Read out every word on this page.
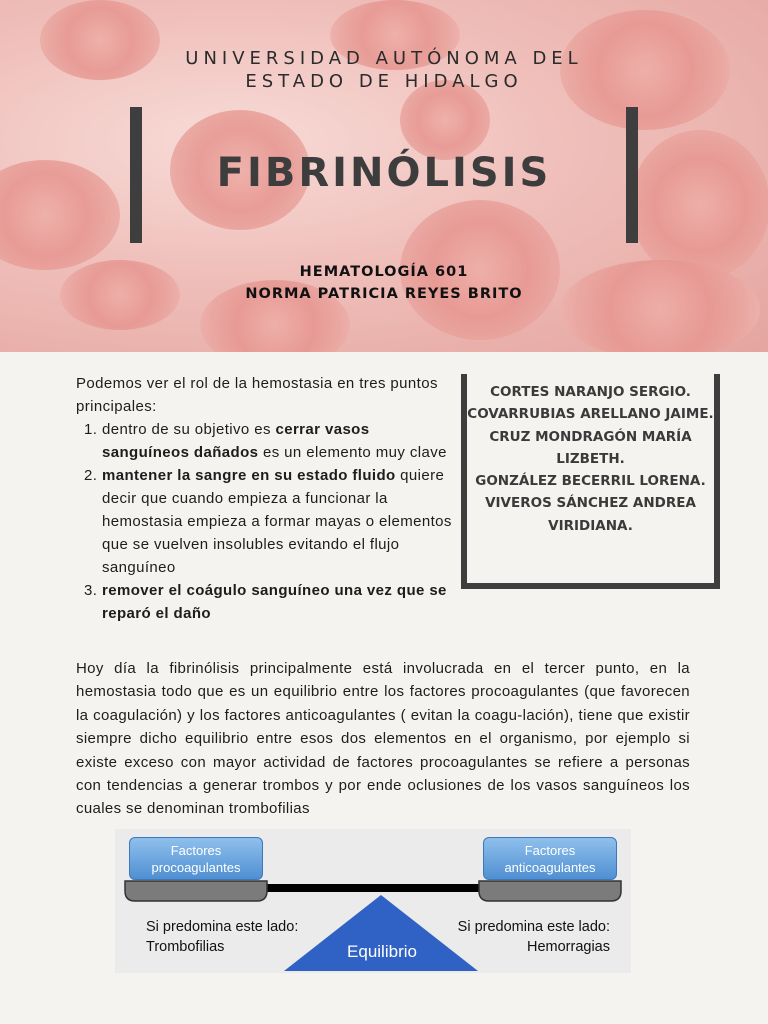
UNIVERSIDAD AUTÓNOMA DEL
ESTADO DE HIDALGO
FIBRINÓLISIS
HEMATOLOGÍA 601
NORMA PATRICIA REYES BRITO

Podemos ver el rol de la hemostasia en tres puntos principales:

1. dentro de su objetivo es cerrar vasos sanguíneos dañados es un elemento muy clave
2. mantener la sangre en su estado fluido quiere decir que cuando empieza a funcionar la hemostasia empieza a formar mayas o elementos que se vuelven insolubles evitando el flujo sanguíneo
3. remover el coágulo sanguíneo una vez que se reparó el daño
CORTES NARANJO SERGIO.
COVARRUBIAS ARELLANO JAIME.
CRUZ MONDRAGÓN MARÍA LIZBETH.
GONZÁLEZ BECERRIL LORENA.
VIVEROS SÁNCHEZ ANDREA VIRIDIANA.

Hoy día la fibrinólisis principalmente está involucrada en el tercer punto, en la hemostasia todo que es un equilibrio entre los factores procoagulantes (que favorecen la coagulación) y los factores anticoagulantes ( evitan la coagu-lación), tiene que existir siempre dicho equilibrio entre esos dos elementos en el organismo, por ejemplo si existe exceso con mayor actividad de factores procoagulantes se refiere a personas con tendencias a generar trombos y por ende oclusiones de los vasos sanguíneos los cuales se denominan trombofilias

Factores
procoagulantes
Factores
anticoagulantes
Si predomina este lado:
Trombofilias
Si predomina este lado:
Hemorragias
Equilibrio
